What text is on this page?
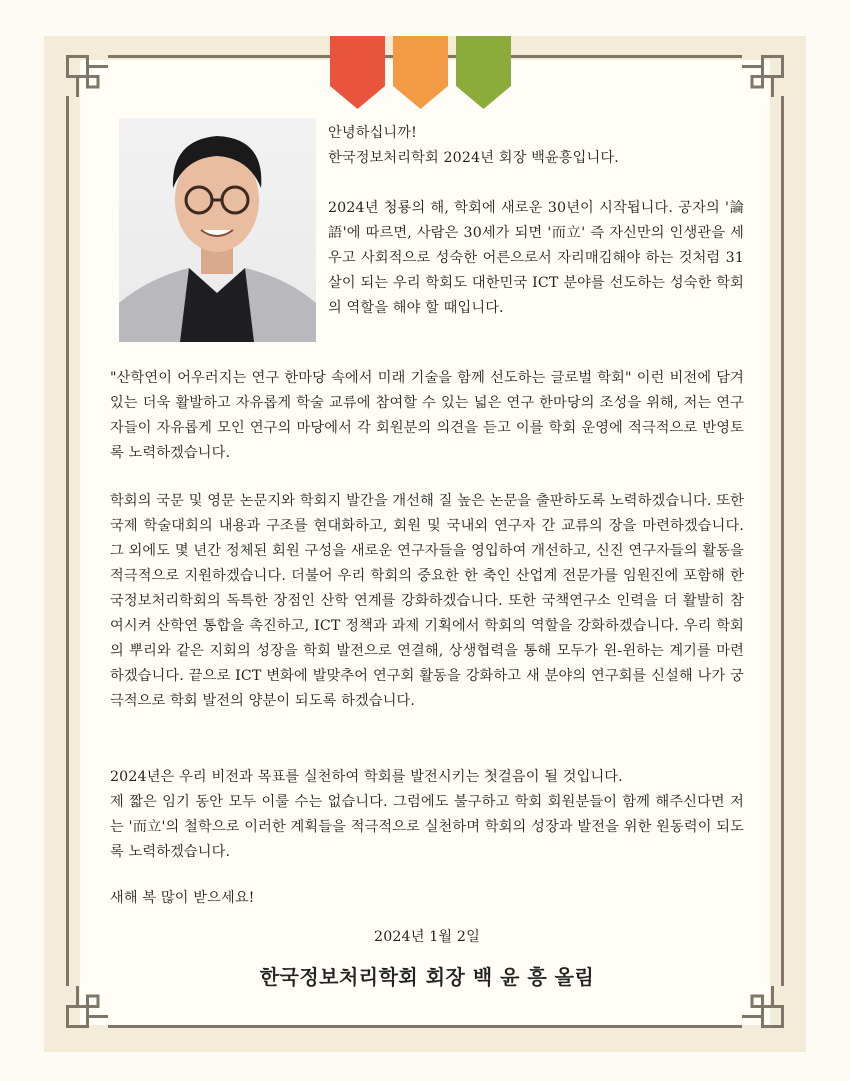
안녕하십니까!

한국정보처리학회 2024년 회장 백윤흥입니다.

2024년 청룡의 해, 학회에 새로운 30년이 시작됩니다. 공자의 '論語'에 따르면, 사람은 30세가 되면 '而立' 즉 자신만의 인생관을 세우고 사회적으로 성숙한 어른으로서 자리매김해야 하는 것처럼 31살이 되는 우리 학회도 대한민국 ICT 분야를 선도하는 성숙한 학회의 역할을 해야 할 때입니다.

"산학연이 어우러지는 연구 한마당 속에서 미래 기술을 함께 선도하는 글로벌 학회" 이런 비전에 담겨있는 더욱 활발하고 자유롭게 학술 교류에 참여할 수 있는 넓은 연구 한마당의 조성을 위해, 저는 연구자들이 자유롭게 모인 연구의 마당에서 각 회원분의 의견을 듣고 이를 학회 운영에 적극적으로 반영토록 노력하겠습니다.
학회의 국문 및 영문 논문지와 학회지 발간을 개선해 질 높은 논문을 출판하도록 노력하겠습니다. 또한 국제 학술대회의 내용과 구조를 현대화하고, 회원 및 국내외 연구자 간 교류의 장을 마련하겠습니다. 그 외에도 몇 년간 정체된 회원 구성을 새로운 연구자들을 영입하여 개선하고, 신진 연구자들의 활동을 적극적으로 지원하겠습니다. 더불어 우리 학회의 중요한 한 축인 산업계 전문가를 임원진에 포함해 한국정보처리학회의 독특한 장점인 산학 연계를 강화하겠습니다. 또한 국책연구소 인력을 더 활발히 참여시켜 산학연 통합을 촉진하고, ICT 정책과 과제 기획에서 학회의 역할을 강화하겠습니다. 우리 학회의 뿌리와 같은 지회의 성장을 학회 발전으로 연결해, 상생협력을 통해 모두가 윈-윈하는 계기를 마련하겠습니다. 끝으로 ICT 변화에 발맞추어 연구회 활동을 강화하고 새 분야의 연구회를 신설해 나가 궁극적으로 학회 발전의 양분이 되도록 하겠습니다.

2024년은 우리 비전과 목표를 실천하여 학회를 발전시키는 첫걸음이 될 것입니다.

제 짧은 임기 동안 모두 이룰 수는 없습니다. 그럼에도 불구하고 학회 회원분들이 함께 해주신다면 저는 '而立'의 철학으로 이러한 계획들을 적극적으로 실천하며 학회의 성장과 발전을 위한 원동력이 되도록 노력하겠습니다.

새해 복 많이 받으세요!
2024년 1월 2일
한국정보처리학회 회장 백 윤 흥 올림
